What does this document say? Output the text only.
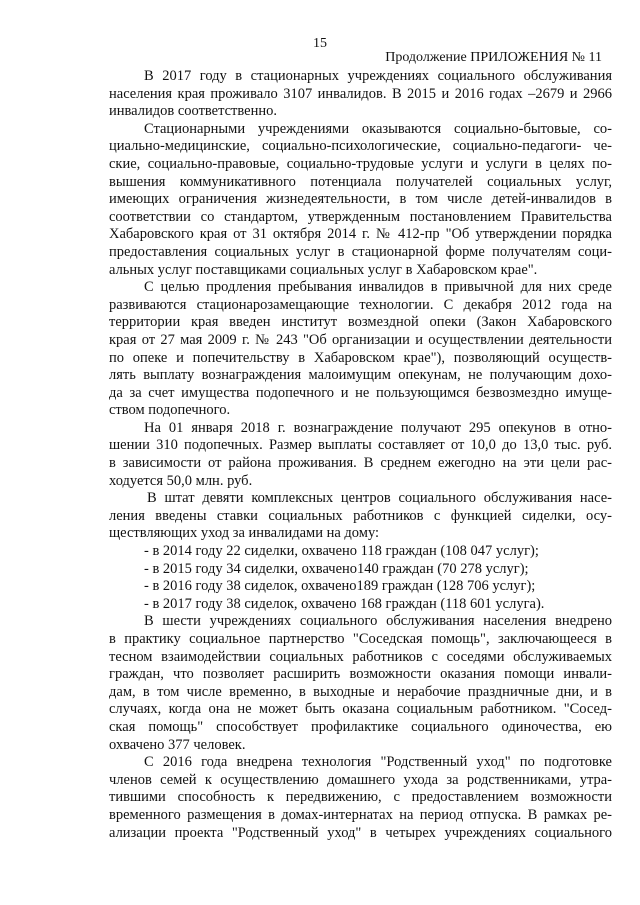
15
Продолжение ПРИЛОЖЕНИЯ № 11
В 2017 году в стационарных учреждениях социального обслуживания
населения края проживало 3107 инвалидов. В 2015 и 2016 годах –2679 и 2966
инвалидов соответственно.
Стационарными учреждениями оказываются социально-бытовые, со-
циально-медицинские, социально-психологические, социально-педагоги- че-
ские, социально-правовые, социально-трудовые услуги и услуги в целях по-
вышения коммуникативного потенциала получателей социальных услуг,
имеющих ограничения жизнедеятельности, в том числе детей-инвалидов в
соответствии со стандартом, утвержденным постановлением Правительства
Хабаровского края от 31 октября 2014 г. № 412-пр "Об утверждении порядка
предоставления социальных услуг в стационарной форме получателям соци-
альных услуг поставщиками социальных услуг в Хабаровском крае".
С целью продления пребывания инвалидов в привычной для них среде
развиваются стационарозамещающие технологии. С декабря 2012 года на
территории края введен институт возмездной опеки (Закон Хабаровского
края от 27 мая 2009 г. № 243 "Об организации и осуществлении деятельности
по опеке и попечительству в Хабаровском крае"), позволяющий осуществ-
лять выплату вознаграждения малоимущим опекунам, не получающим дохо-
да за счет имущества подопечного и не пользующимся безвозмездно имуще-
ством подопечного.
На 01 января 2018 г. вознаграждение получают 295 опекунов в отно-
шении 310 подопечных. Размер выплаты составляет от 10,0 до 13,0 тыс. руб.
в зависимости от района проживания. В среднем ежегодно на эти цели рас-
ходуется 50,0 млн. руб.
В штат девяти комплексных центров социального обслуживания насе-
ления введены ставки социальных работников с функцией сиделки, осу-
ществляющих уход за инвалидами на дому:
- в 2014 году 22 сиделки, охвачено 118 граждан (108 047 услуг);
- в 2015 году 34 сиделки, охвачено140 граждан (70 278 услуг);
- в 2016 году 38 сиделок, охвачено189 граждан (128 706 услуг);
- в 2017 году 38 сиделок, охвачено 168 граждан (118 601 услуга).
В шести учреждениях социального обслуживания населения внедрено
в практику социальное партнерство "Соседская помощь", заключающееся в
тесном взаимодействии социальных работников с соседями обслуживаемых
граждан, что позволяет расширить возможности оказания помощи инвали-
дам, в том числе временно, в выходные и нерабочие праздничные дни, и в
случаях, когда она не может быть оказана социальным работником. "Сосед-
ская помощь" способствует профилактике социального одиночества, ею
охвачено 377 человек.
С 2016 года внедрена технология "Родственный уход" по подготовке
членов семей к осуществлению домашнего ухода за родственниками, утра-
тившими способность к передвижению, с предоставлением возможности
временного размещения в домах-интернатах на период отпуска. В рамках ре-
ализации проекта "Родственный уход" в четырех учреждениях социального
